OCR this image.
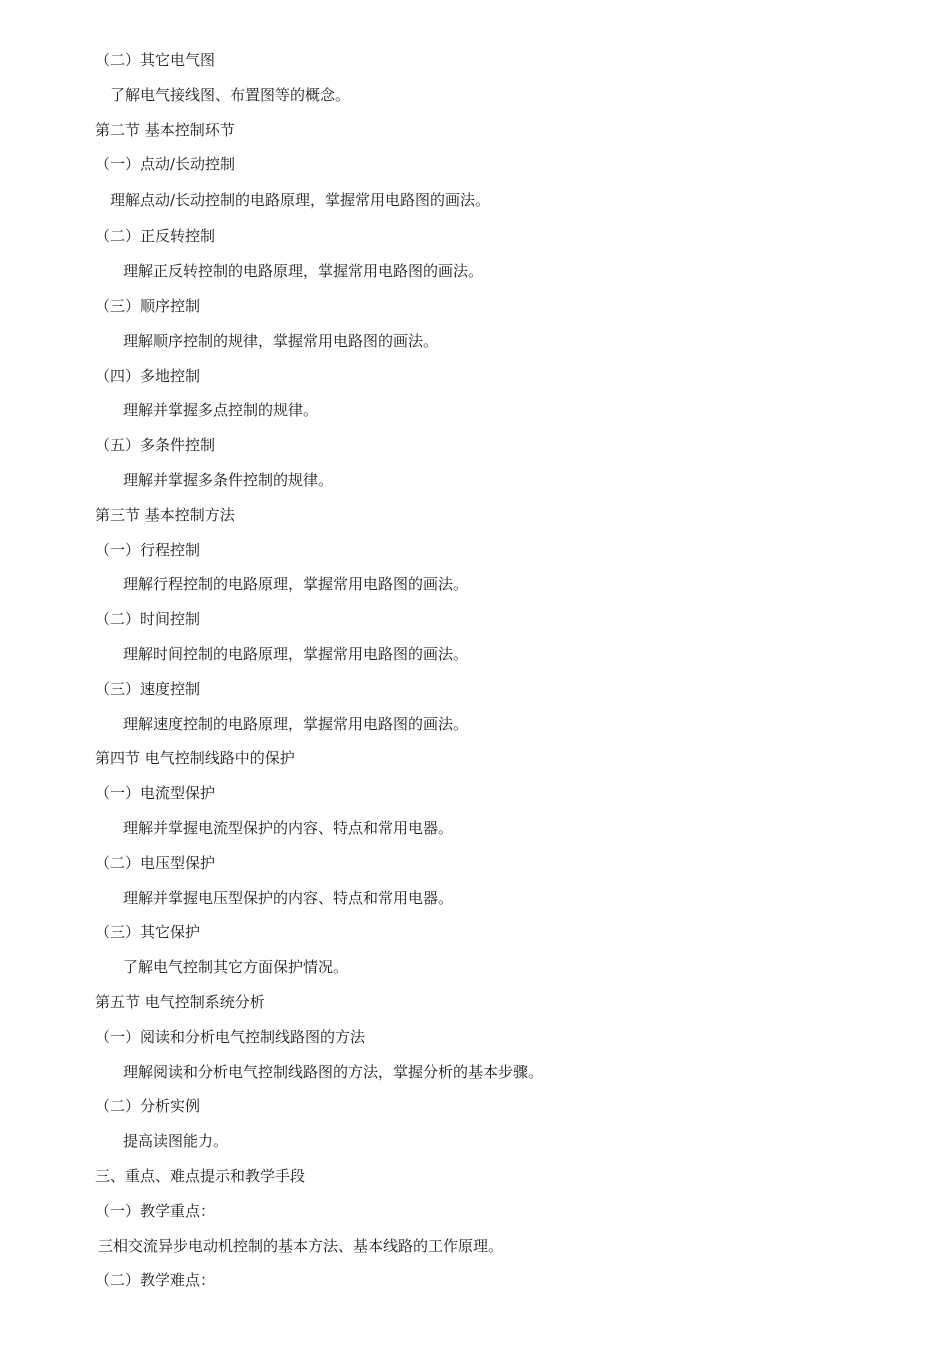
（二）其它电气图
了解电气接线图、布置图等的概念。
第二节 基本控制环节
（一）点动/长动控制
理解点动/长动控制的电路原理，掌握常用电路图的画法。
（二）正反转控制
理解正反转控制的电路原理，掌握常用电路图的画法。
（三）顺序控制
理解顺序控制的规律，掌握常用电路图的画法。
（四）多地控制
理解并掌握多点控制的规律。
（五）多条件控制
理解并掌握多条件控制的规律。
第三节 基本控制方法
（一）行程控制
理解行程控制的电路原理，掌握常用电路图的画法。
（二）时间控制
理解时间控制的电路原理，掌握常用电路图的画法。
（三）速度控制
理解速度控制的电路原理，掌握常用电路图的画法。
第四节 电气控制线路中的保护
（一）电流型保护
理解并掌握电流型保护的内容、特点和常用电器。
（二）电压型保护
理解并掌握电压型保护的内容、特点和常用电器。
（三）其它保护
了解电气控制其它方面保护情况。
第五节 电气控制系统分析
（一）阅读和分析电气控制线路图的方法
理解阅读和分析电气控制线路图的方法，掌握分析的基本步骤。
（二）分析实例
提高读图能力。
三、重点、难点提示和教学手段
（一）教学重点：
三相交流异步电动机控制的基本方法、基本线路的工作原理。
（二）教学难点：
